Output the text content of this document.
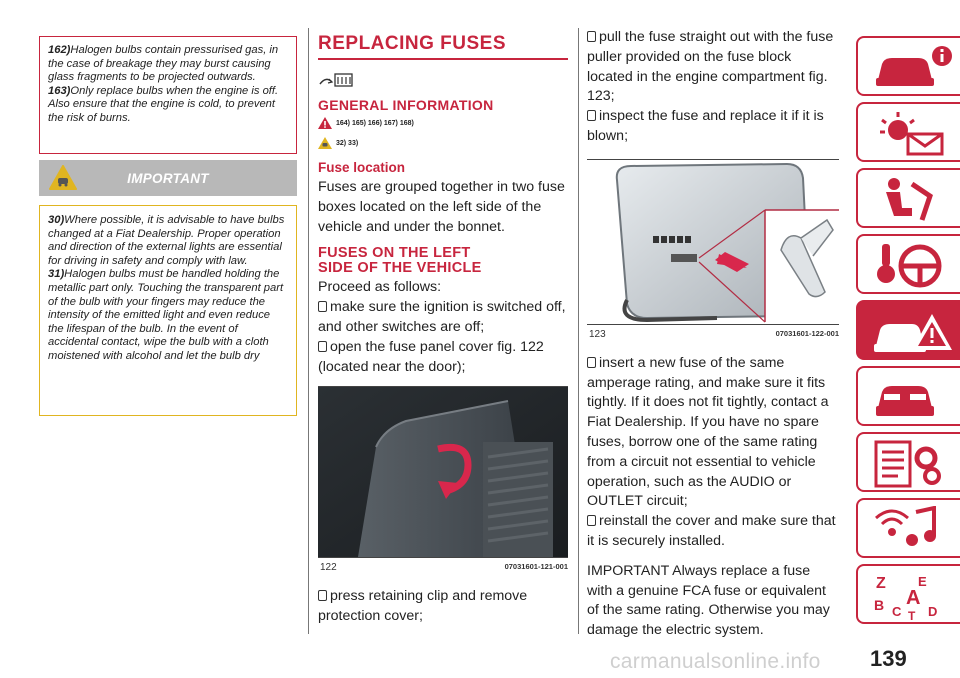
162)Halogen bulbs contain pressurised gas, in the case of breakage they may burst causing glass fragments to be projected outwards.
163)Only replace bulbs when the engine is off. Also ensure that the engine is cold, to prevent the risk of burns.
IMPORTANT
30)Where possible, it is advisable to have bulbs changed at a Fiat Dealership. Proper operation and direction of the external lights are essential for driving in safety and comply with law.
31)Halogen bulbs must be handled holding the metallic part only. Touching the transparent part of the bulb with your fingers may reduce the intensity of the emitted light and even reduce the lifespan of the bulb. In the event of accidental contact, wipe the bulb with a cloth moistened with alcohol and let the bulb dry
REPLACING FUSES
GENERAL INFORMATION
164) 165) 166) 167) 168)
32) 33)
Fuse location
Fuses are grouped together in two fuse boxes located on the left side of the vehicle and under the bonnet.
FUSES ON THE LEFT
SIDE OF THE VEHICLE
Proceed as follows:
make sure the ignition is switched off, and other switches are off;
open the fuse panel cover fig. 122 (located near the door);
122	07031601-121-001
press retaining clip and remove protection cover;
pull the fuse straight out with the fuse puller provided on the fuse block located in the engine compartment fig. 123;
inspect the fuse and replace it if it is blown;
123	07031601-122-001
insert a new fuse of the same amperage rating, and make sure it fits tightly. If it does not fit tightly, contact a Fiat Dealership. If you have no spare fuses, borrow one of the same rating from a circuit not essential to vehicle operation, such as the AUDIO or OUTLET circuit;
reinstall the cover and make sure that it is securely installed.
IMPORTANT Always replace a fuse with a genuine FCA fuse or equivalent of the same rating. Otherwise you may damage the electric system.
Z E
A
B C D
T
139
carmanualsonline.info
